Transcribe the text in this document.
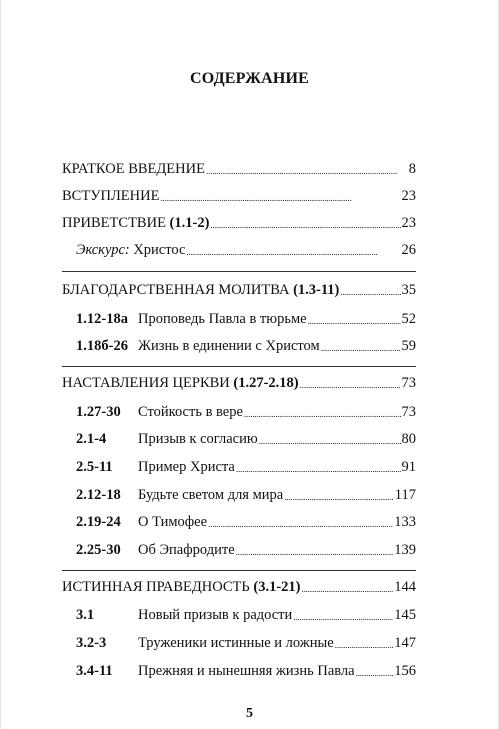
СОДЕРЖАНИЕ
КРАТКОЕ ВВЕДЕНИЕ . . .	8
ВСТУПЛЕНИЕ . . .	23
ПРИВЕТСТВИЕ (1.1-2) . . .	23
Экскурс: Христос . . .	26
БЛАГОДАРСТВЕННАЯ МОЛИТВА (1.3-11) . . .	35
1.12-18а Проповедь Павла в тюрьме . . .	52
1.18б-26 Жизнь в единении с Христом . . .	59
НАСТАВЛЕНИЯ ЦЕРКВИ (1.27-2.18) . . .	73
1.27-30 Стойкость в вере . . .	73
2.1-4 Призыв к согласию . . .	80
2.5-11 Пример Христа . . .	91
2.12-18 Будьте светом для мира . . .	117
2.19-24 О Тимофее . . .	133
2.25-30 Об Эпафродите . . .	139
ИСТИННАЯ ПРАВЕДНОСТЬ (3.1-21) . . .	144
3.1	Новый призыв к радости . . .	145
3.2-3 Труженики истинные и ложные . . .	147
3.4-11 Прежняя и нынешняя жизнь Павла . . .	156
5
